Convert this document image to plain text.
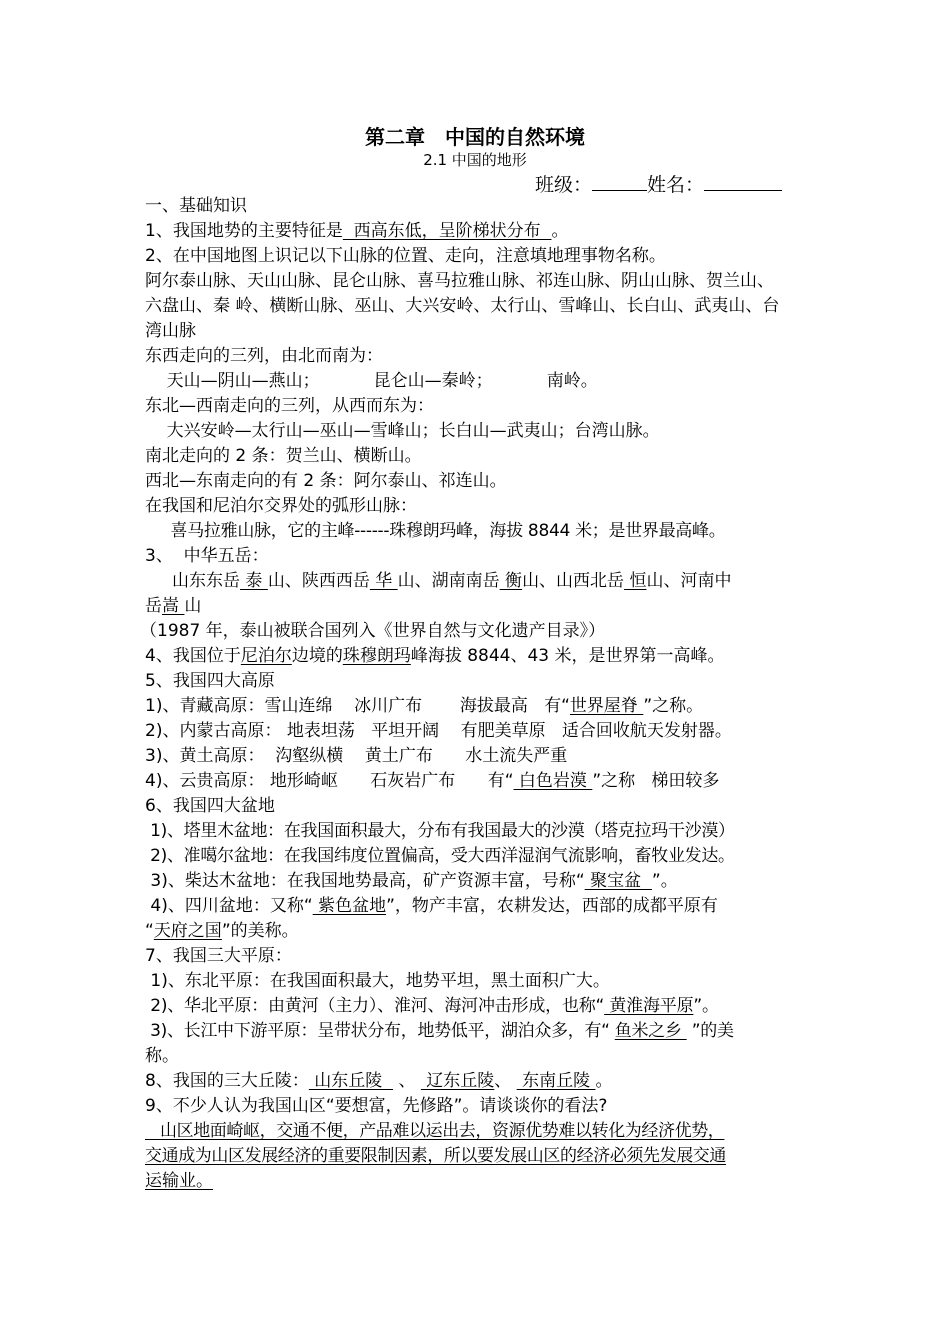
第二章　中国的自然环境
2.1 中国的地形
班级：	姓名：
一、基础知识
1、我国地势的主要特征是  西高东低，呈阶梯状分布  。
2、在中国地图上识记以下山脉的位置、走向，注意填地理事物名称。
阿尔泰山脉、天山山脉、昆仑山脉、喜马拉雅山脉、祁连山脉、阴山山脉、贺兰山、
六盘山、秦 岭、横断山脉、巫山、大兴安岭、太行山、雪峰山、长白山、武夷山、台
湾山脉
东西走向的三列，由北而南为：
天山—阴山—燕山；          昆仑山—秦岭；          南岭。
东北—西南走向的三列，从西而东为：
大兴安岭—太行山—巫山—雪峰山；长白山—武夷山；台湾山脉。
南北走向的 2 条：贺兰山、横断山。
西北—东南走向的有 2 条：阿尔泰山、祁连山。
在我国和尼泊尔交界处的弧形山脉：
喜马拉雅山脉，它的主峰------珠穆朗玛峰，海拔 8844 米；是世界最高峰。
3、  中华五岳：
山东东岳 泰 山、陕西西岳 华 山、湖南南岳 衡山、山西北岳 恒山、河南中
岳嵩 山
（1987 年，泰山被联合国列入《世界自然与文化遗产目录》）
4、我国位于尼泊尔边境的珠穆朗玛峰海拔 8844、43 米，是世界第一高峰。
5、我国四大高原
1)、青藏高原：雪山连绵    冰川广布       海拔最高   有“世界屋脊 ”之称。
2)、内蒙古高原： 地表坦荡   平坦开阔    有肥美草原   适合回收航天发射器。
3)、黄土高原：  沟壑纵横    黄土广布      水土流失严重
4)、云贵高原： 地形崎岖      石灰岩广布      有“ 白色岩漠 ”之称   梯田较多
6、我国四大盆地
1)、塔里木盆地：在我国面积最大，分布有我国最大的沙漠（塔克拉玛干沙漠）
2)、准噶尔盆地：在我国纬度位置偏高，受大西洋湿润气流影响，畜牧业发达。
3)、柴达木盆地：在我国地势最高，矿产资源丰富，号称“ 聚宝盆  ”。
4)、四川盆地：又称“ 紫色盆地”，物产丰富，农耕发达，西部的成都平原有
“天府之国”的美称。
7、我国三大平原：
1)、东北平原：在我国面积最大，地势平坦，黑土面积广大。
2)、华北平原：由黄河（主力）、淮河、海河冲击形成，也称“ 黄淮海平原”。
3)、长江中下游平原：呈带状分布，地势低平，湖泊众多，有“ 鱼米之乡  ”的美
称。
8、我国的三大丘陵： 山东丘陵   、  辽东丘陵、  东南丘陵 。
9、不少人认为我国山区“要想富，先修路”。请谈谈你的看法?
山区地面崎岖，交通不便，产品难以运出去，资源优势难以转化为经济优势，
交通成为山区发展经济的重要限制因素，所以要发展山区的经济必须先发展交通
运输业。
